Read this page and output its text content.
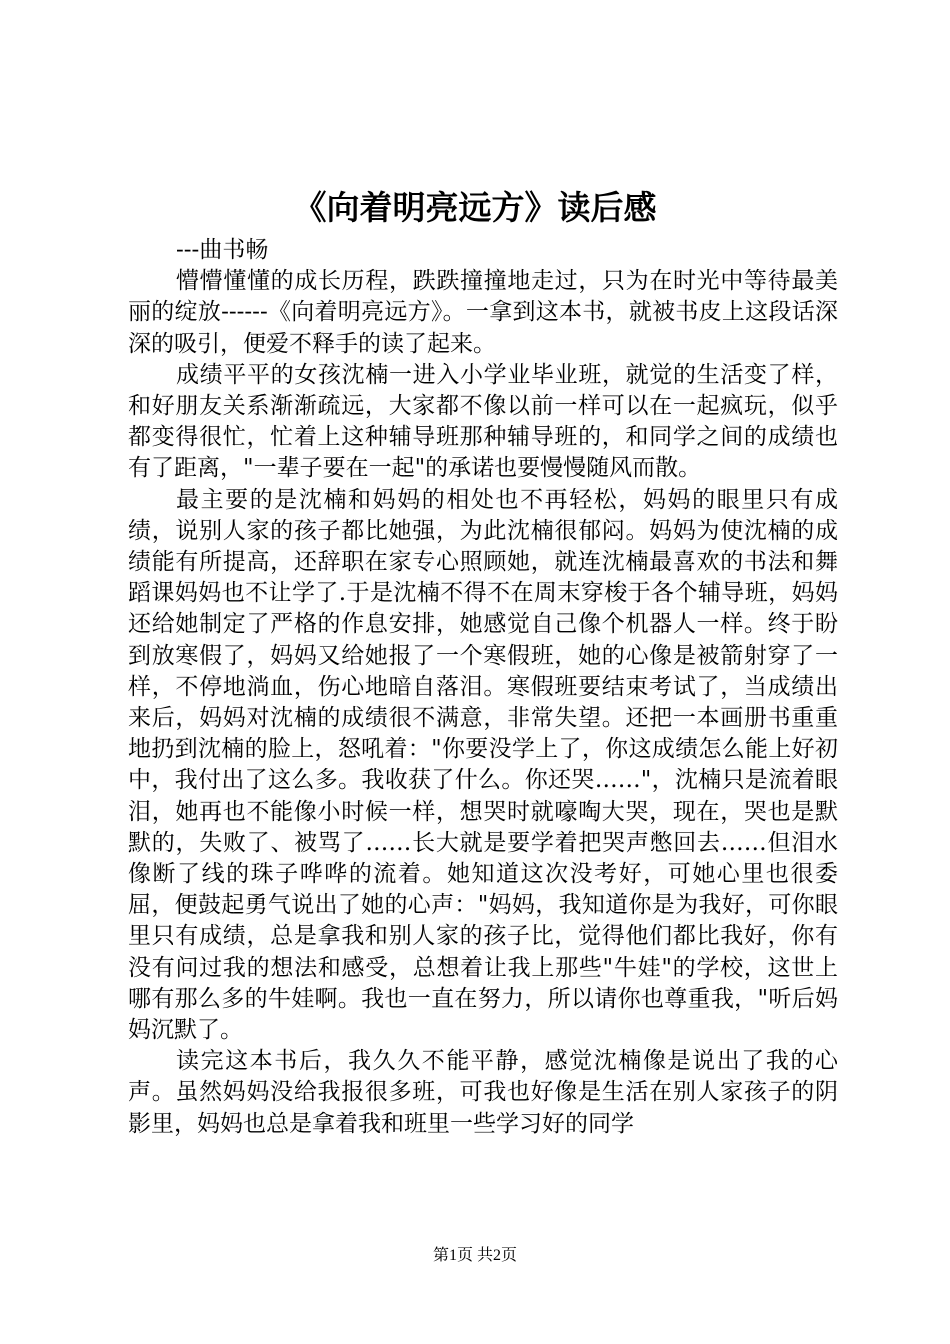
《向着明亮远方》读后感

---曲书畅

懵懵懂懂的成长历程，跌跌撞撞地走过，只为在时光中等待最美丽的绽放------《向着明亮远方》。一拿到这本书，就被书皮上这段话深深的吸引，便爱不释手的读了起来。

成绩平平的女孩沈楠一进入小学业毕业班，就觉的生活变了样，和好朋友关系渐渐疏远，大家都不像以前一样可以在一起疯玩，似乎都变得很忙，忙着上这种辅导班那种辅导班的，和同学之间的成绩也有了距离，"一辈子要在一起"的承诺也要慢慢随风而散。

最主要的是沈楠和妈妈的相处也不再轻松，妈妈的眼里只有成绩，说别人家的孩子都比她强，为此沈楠很郁闷。妈妈为使沈楠的成绩能有所提高，还辞职在家专心照顾她，就连沈楠最喜欢的书法和舞蹈课妈妈也不让学了.于是沈楠不得不在周末穿梭于各个辅导班，妈妈还给她制定了严格的作息安排，她感觉自己像个机器人一样。终于盼到放寒假了，妈妈又给她报了一个寒假班，她的心像是被箭射穿了一样，不停地淌血，伤心地暗自落泪。寒假班要结束考试了，当成绩出来后，妈妈对沈楠的成绩很不满意，非常失望。还把一本画册书重重地扔到沈楠的脸上，怒吼着："你要没学上了，你这成绩怎么能上好初中，我付出了这么多。我收获了什么。你还哭……"，沈楠只是流着眼泪，她再也不能像小时候一样，想哭时就嚎啕大哭，现在，哭也是默默的，失败了、被骂了……长大就是要学着把哭声憋回去……但泪水像断了线的珠子哗哗的流着。她知道这次没考好，可她心里也很委屈，便鼓起勇气说出了她的心声："妈妈，我知道你是为我好，可你眼里只有成绩，总是拿我和别人家的孩子比，觉得他们都比我好，你有没有问过我的想法和感受，总想着让我上那些"牛娃"的学校，这世上哪有那么多的牛娃啊。我也一直在努力，所以请你也尊重我，"听后妈妈沉默了。

读完这本书后，我久久不能平静，感觉沈楠像是说出了我的心声。虽然妈妈没给我报很多班，可我也好像是生活在别人家孩子的阴影里，妈妈也总是拿着我和班里一些学习好的同学

第1页 共2页
